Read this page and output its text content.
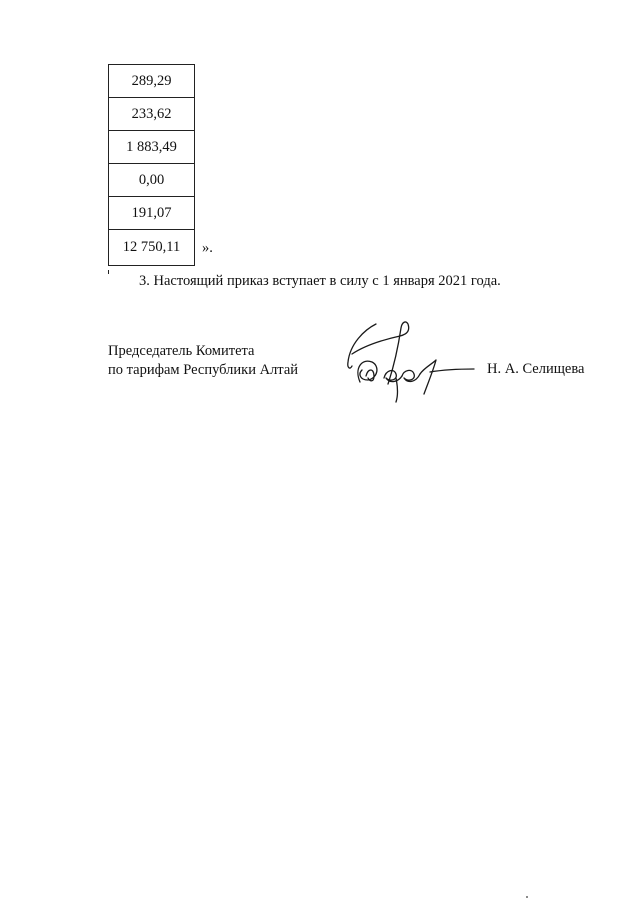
289,29
233,62
1 883,49
0,00
191,07
12 750,11 ».
3. Настоящий приказ вступает в силу с 1 января 2021 года.
Председатель Комитета
по тарифам Республики Алтай	Н. А. Селищева
